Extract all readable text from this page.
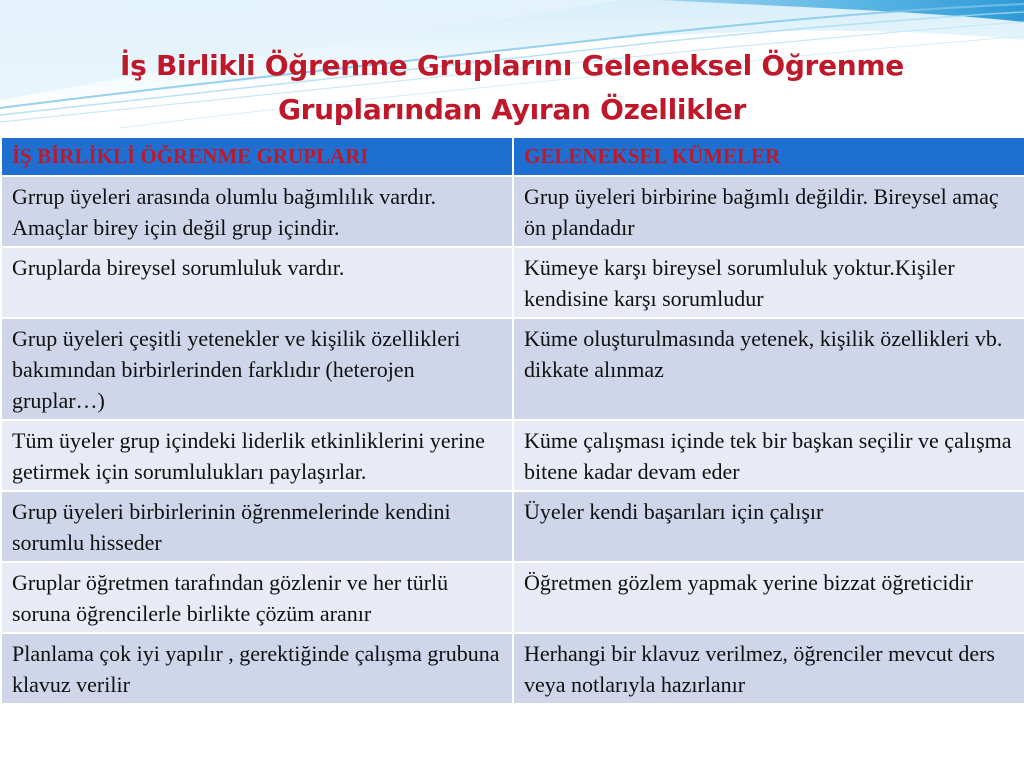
İş Birlikli Öğrenme Gruplarını Geleneksel Öğrenme
Gruplarından Ayıran Özellikler
İŞ BİRLİKLİ ÖĞRENME GRUPLARI	GELENEKSEL KÜMELER
Grrup üyeleri arasında olumlu bağımlılık vardır. Amaçlar birey için değil grup içindir.	Grup üyeleri birbirine bağımlı değildir. Bireysel amaç ön plandadır
Gruplarda bireysel sorumluluk vardır.	Kümeye karşı bireysel sorumluluk yoktur.Kişiler kendisine karşı sorumludur
Grup üyeleri çeşitli yetenekler ve kişilik özellikleri bakımından birbirlerinden farklıdır (heterojen gruplar…)	Küme oluşturulmasında yetenek, kişilik özellikleri vb. dikkate alınmaz
Tüm üyeler grup içindeki liderlik etkinliklerini yerine getirmek için sorumlulukları paylaşırlar.	Küme çalışması içinde tek bir başkan seçilir ve çalışma bitene kadar devam eder
Grup üyeleri birbirlerinin öğrenmelerinde kendini sorumlu hisseder	Üyeler kendi başarıları için çalışır
Gruplar öğretmen tarafından gözlenir ve her türlü soruna öğrencilerle birlikte çözüm aranır	Öğretmen gözlem yapmak yerine bizzat öğreticidir
Planlama çok iyi yapılır , gerektiğinde çalışma grubuna klavuz verilir	Herhangi bir klavuz verilmez, öğrenciler mevcut ders veya notlarıyla hazırlanır
